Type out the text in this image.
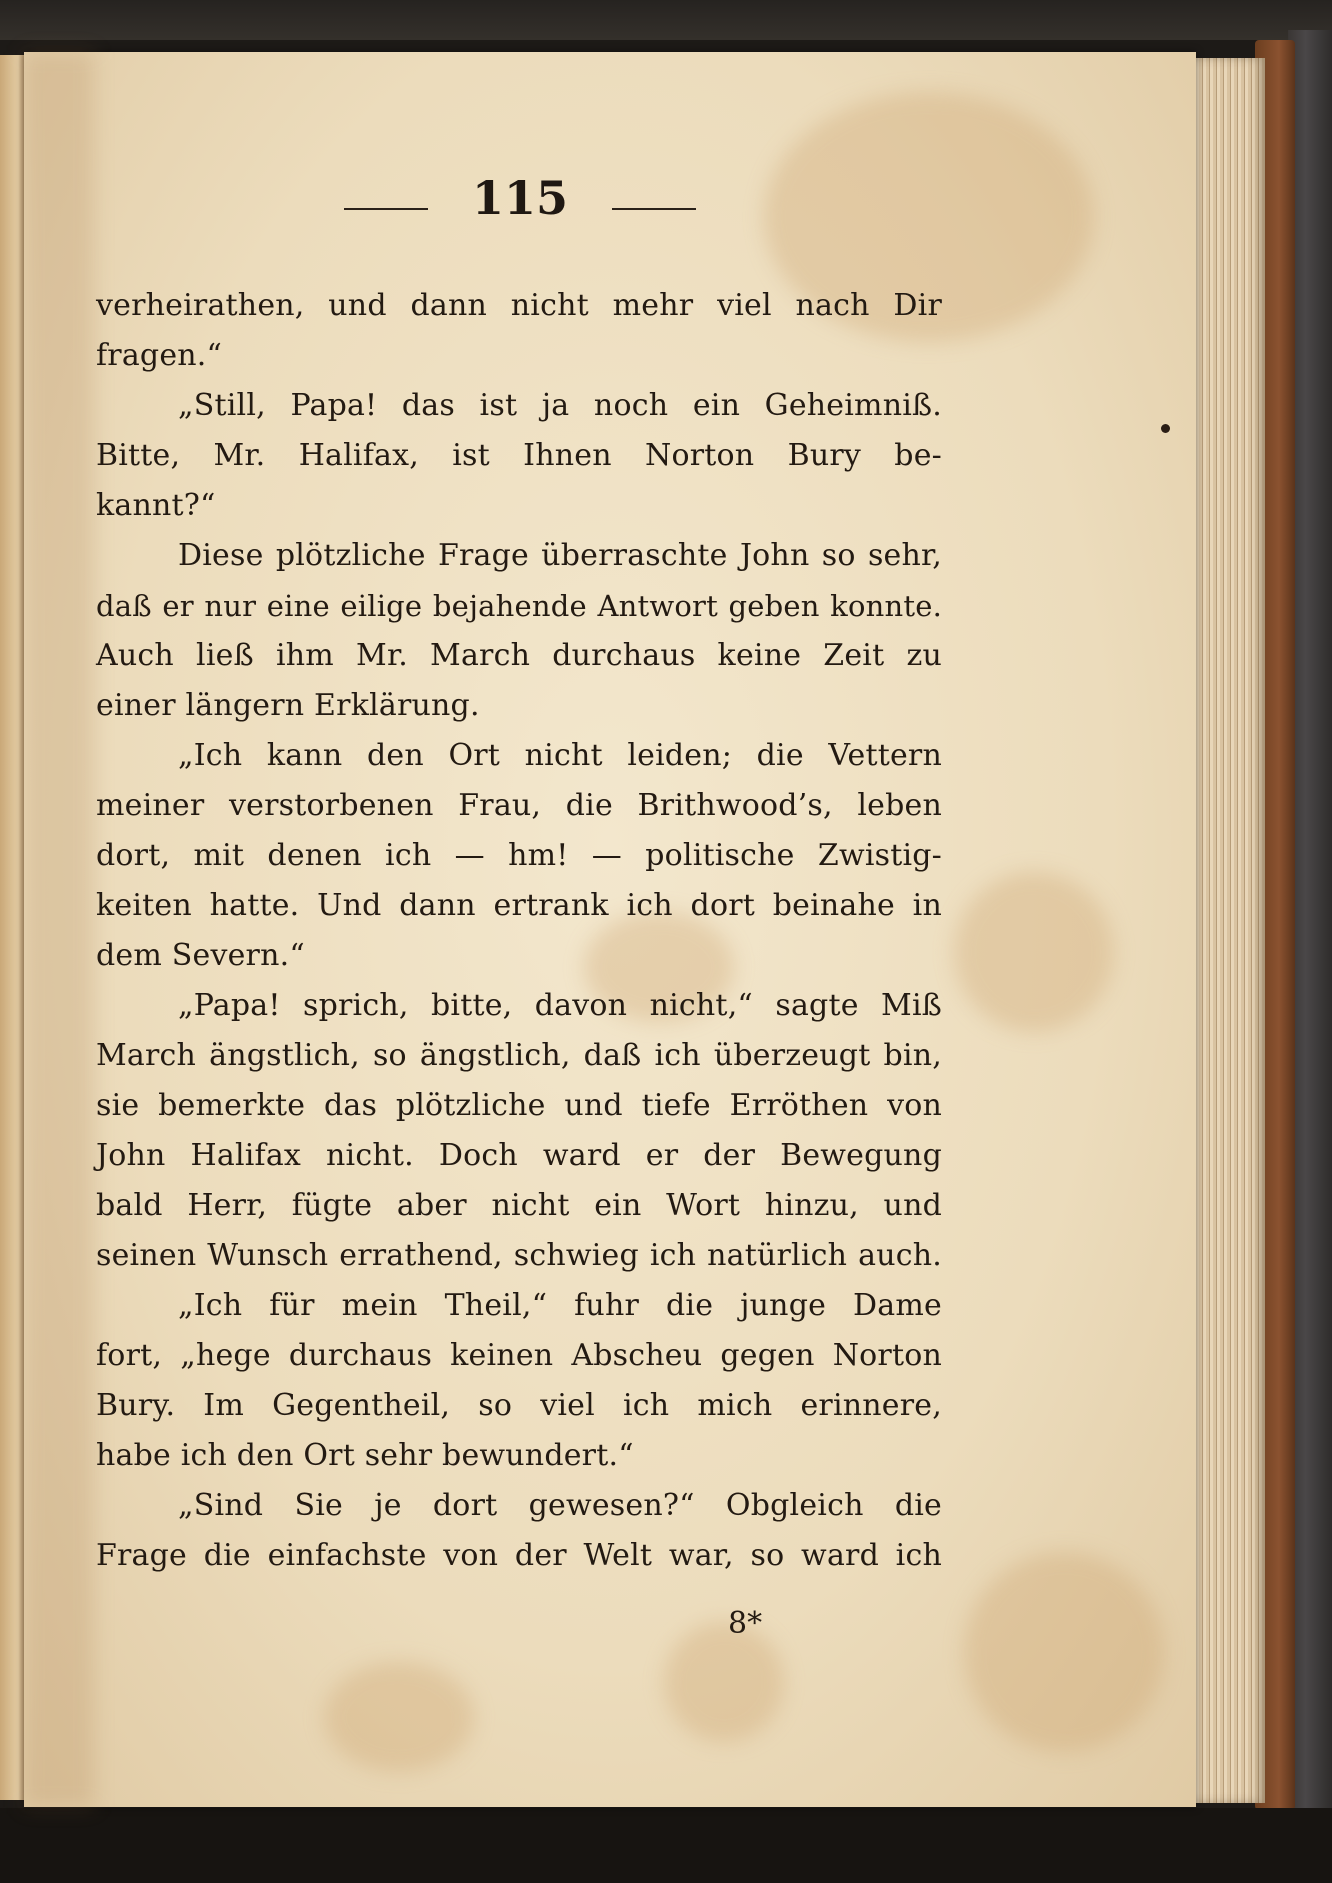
115
verheirathen, und dann nicht mehr viel nach Dir
fragen.“
„Still, Papa! das ist ja noch ein Geheimniß.
Bitte, Mr. Halifax, ist Ihnen Norton Bury be-
kannt?“
Diese plötzliche Frage überraschte John so sehr,
daß er nur eine eilige bejahende Antwort geben konnte.
Auch ließ ihm Mr. March durchaus keine Zeit zu
einer längern Erklärung.
„Ich kann den Ort nicht leiden; die Vettern
meiner verstorbenen Frau, die Brithwood’s, leben
dort, mit denen ich — hm! — politische Zwistig-
keiten hatte. Und dann ertrank ich dort beinahe in
dem Severn.“
„Papa! sprich, bitte, davon nicht,“ sagte Miß
March ängstlich, so ängstlich, daß ich überzeugt bin,
sie bemerkte das plötzliche und tiefe Erröthen von
John Halifax nicht. Doch ward er der Bewegung
bald Herr, fügte aber nicht ein Wort hinzu, und
seinen Wunsch errathend, schwieg ich natürlich auch.
„Ich für mein Theil,“ fuhr die junge Dame
fort, „hege durchaus keinen Abscheu gegen Norton
Bury. Im Gegentheil, so viel ich mich erinnere,
habe ich den Ort sehr bewundert.“
„Sind Sie je dort gewesen?“ Obgleich die
Frage die einfachste von der Welt war, so ward ich
8*
